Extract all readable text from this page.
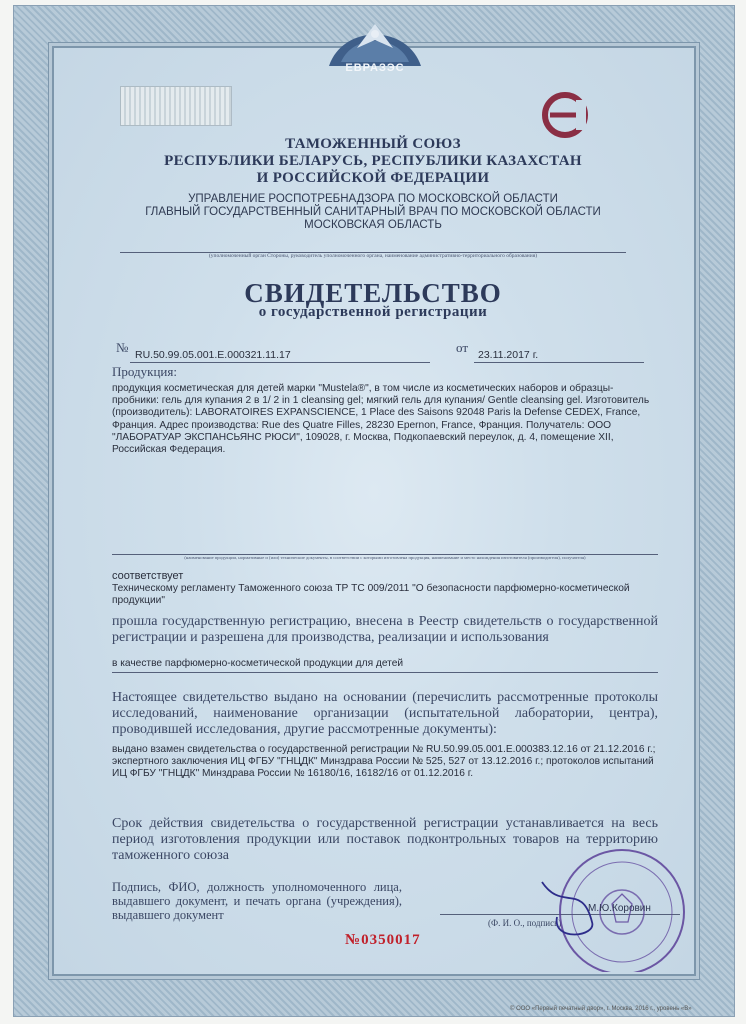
ЕВРАЗЭС
ТАМОЖЕННЫЙ СОЮЗ
РЕСПУБЛИКИ БЕЛАРУСЬ, РЕСПУБЛИКИ КАЗАХСТАН
И РОССИЙСКОЙ ФЕДЕРАЦИИ
УПРАВЛЕНИЕ РОСПОТРЕБНАДЗОРА ПО МОСКОВСКОЙ ОБЛАСТИ
ГЛАВНЫЙ ГОСУДАРСТВЕННЫЙ САНИТАРНЫЙ ВРАЧ ПО МОСКОВСКОЙ ОБЛАСТИ
МОСКОВСКАЯ ОБЛАСТЬ
(уполномоченный орган Стороны, руководитель уполномоченного органа, наименование административно-территориального образования)
СВИДЕТЕЛЬСТВО
о государственной регистрации
№ RU.50.99.05.001.Е.000321.11.17	от 23.11.2017 г.
Продукция:
продукция косметическая для детей марки "Mustela®", в том числе из косметических наборов и образцы-пробники: гель для купания 2 в 1/ 2 in 1 cleansing gel; мягкий гель для купания/ Gentle cleansing gel. Изготовитель (производитель): LABORATOIRES EXPANSCIENCE, 1 Place des Saisons 92048 Paris la Defense CEDEX, France, Франция. Адрес производства: Rue des Quatre Filles, 28230 Epernon, France, Франция. Получатель: ООО "ЛАБОРАТУАР ЭКСПАНСЬЯНС РЮСИ", 109028, г. Москва, Подкопаевский переулок, д. 4, помещение XII, Российская Федерация.
(наименование продукции, нормативные и (или) технические документы, в соответствии с которыми изготовлена продукция, наименование и место нахождения изготовителя (производителя), получателя)
соответствует
Техническому регламенту Таможенного союза ТР ТС 009/2011 "О безопасности парфюмерно-косметической продукции"
прошла государственную регистрацию, внесена в Реестр свидетельств о государственной регистрации и разрешена для производства, реализации и использования
в качестве парфюмерно-косметической продукции для детей
Настоящее свидетельство выдано на основании (перечислить рассмотренные протоколы исследований, наименование организации (испытательной лаборатории, центра), проводившей исследования, другие рассмотренные документы):
выдано взамен свидетельства о государственной регистрации № RU.50.99.05.001.Е.000383.12.16 от 21.12.2016 г.; экспертного заключения ИЦ ФГБУ "ГНЦДК" Минздрава России № 525, 527 от 13.12.2016 г.; протоколов испытаний ИЦ ФГБУ "ГНЦДК" Минздрава России № 16180/16, 16182/16 от 01.12.2016 г.
Срок действия свидетельства о государственной регистрации устанавливается на весь период изготовления продукции или поставок подконтрольных товаров на территорию таможенного союза
Подпись, ФИО, должность уполномоченного лица, выдавшего документ, и печать органа (учреждения), выдавшего документ
(Ф. И. О., подпись)
М.Ю.Коровин
№0350017
© ООО «Первый печатный двор», г. Москва, 2016 г., уровень «В»
